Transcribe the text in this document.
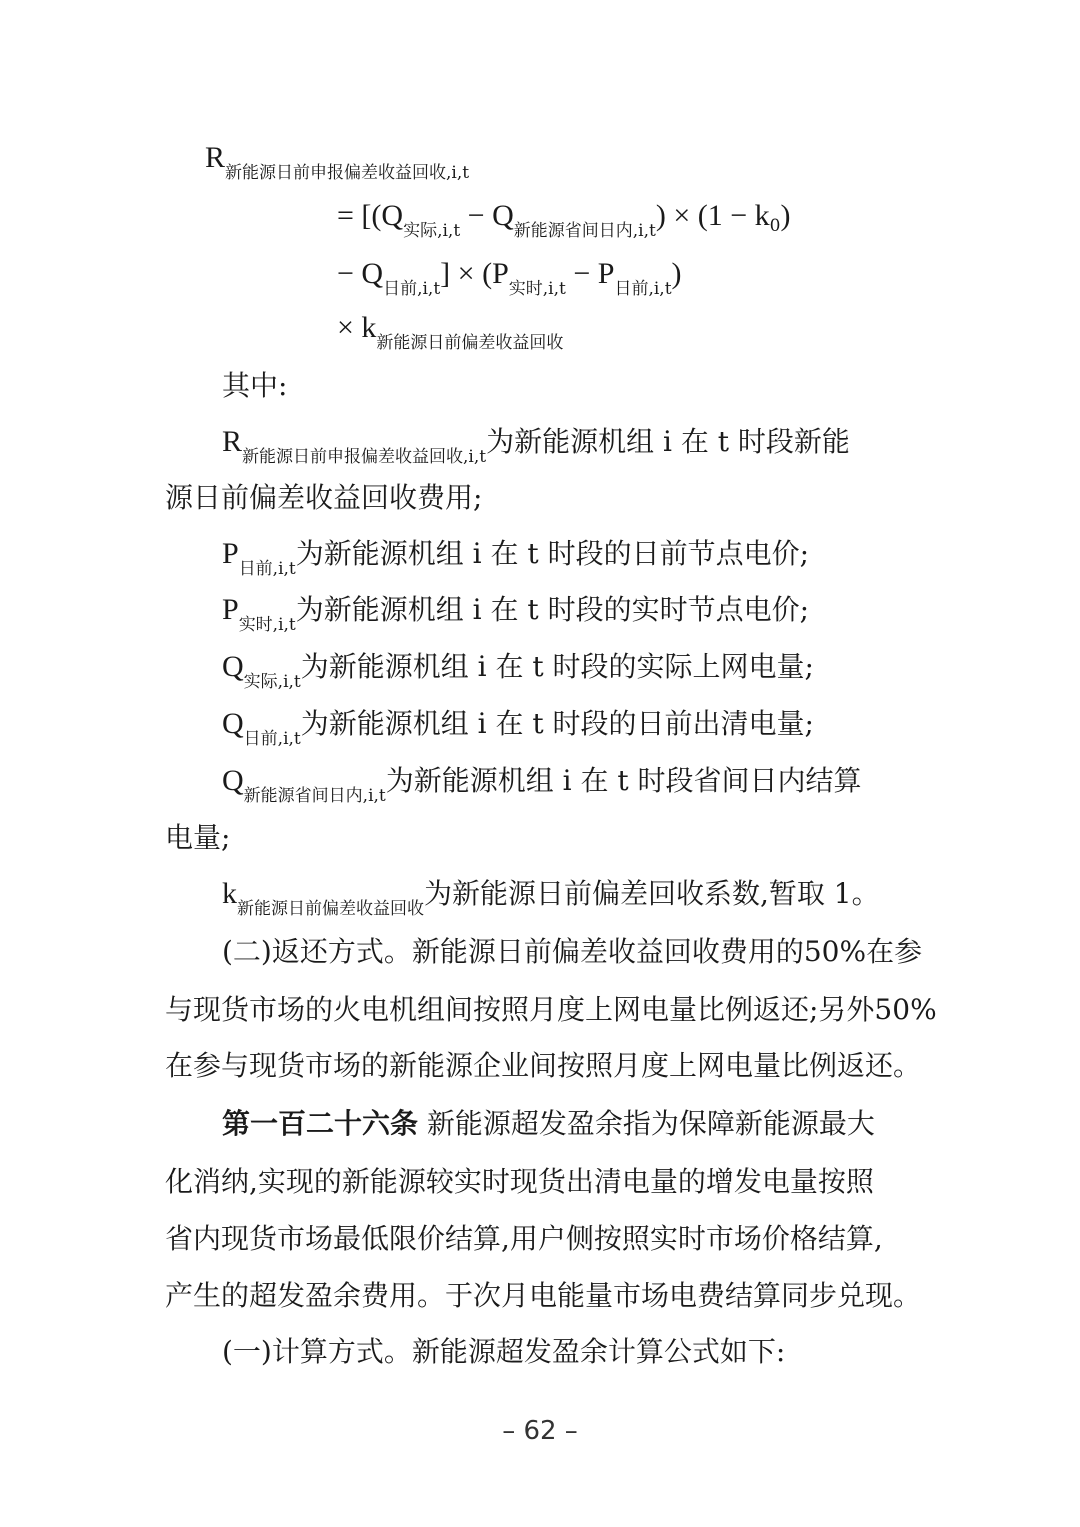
$R_{新能源日前申报偏差收益回收,i,t}$
= [$(Q_{实际,i,t} - Q_{新能源省间日内,i,t}) \times (1 - k_0)$
− $Q_{日前,i,t}] \times (P_{实时,i,t} - P_{日前,i,t})$
× $k_{新能源日前偏差收益回收}$
其中:
$R_{新能源日前申报偏差收益回收,i,t}$为新能源机组 i 在 t 时段新能
源日前偏差收益回收费用;
$P_{日前,i,t}$为新能源机组 i 在 t 时段的日前节点电价;
$P_{实时,i,t}$为新能源机组 i 在 t 时段的实时节点电价;
$Q_{实际,i,t}$为新能源机组 i 在 t 时段的实际上网电量;
$Q_{日前,i,t}$为新能源机组 i 在 t 时段的日前出清电量;
$Q_{新能源省间日内,i,t}$为新能源机组 i 在 t 时段省间日内结算
电量;
$k_{新能源日前偏差收益回收}$为新能源日前偏差回收系数,暂取 1。
(二)返还方式。新能源日前偏差收益回收费用的50%在参
与现货市场的火电机组间按照月度上网电量比例返还;另外50%
在参与现货市场的新能源企业间按照月度上网电量比例返还。
第一百二十六条 新能源超发盈余指为保障新能源最大
化消纳,实现的新能源较实时现货出清电量的增发电量按照
省内现货市场最低限价结算,用户侧按照实时市场价格结算,
产生的超发盈余费用。于次月电能量市场电费结算同步兑现。
(一)计算方式。新能源超发盈余计算公式如下:
– 62 –
